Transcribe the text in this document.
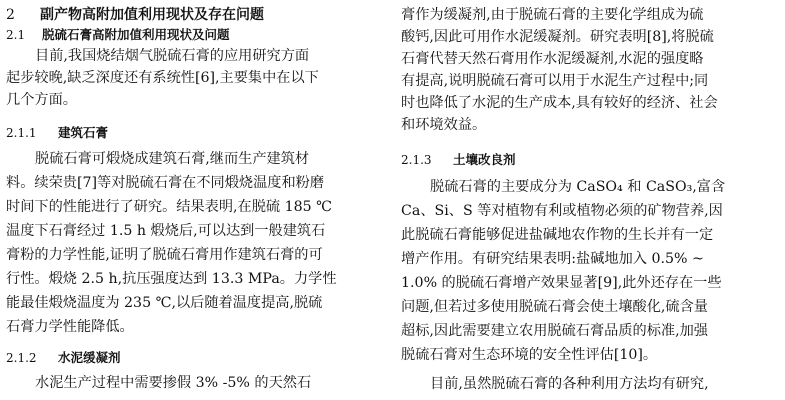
2 副产物高附加值利用现状及存在问题
2.1 脱硫石膏高附加值利用现状及问题
目前,我国烧结烟气脱硫石膏的应用研究方面
起步较晚,缺乏深度还有系统性[6],主要集中在以下
几个方面。
2.1.1 建筑石膏
脱硫石膏可煅烧成建筑石膏,继而生产建筑材
料。续荣贵[7]等对脱硫石膏在不同煅烧温度和粉磨
时间下的性能进行了研究。结果表明,在脱硫 185 ℃
温度下石膏经过 1.5 h 煅烧后,可以达到一般建筑石
膏粉的力学性能,证明了脱硫石膏用作建筑石膏的可
行性。煅烧 2.5 h,抗压强度达到 13.3 MPa。力学性
能最佳煅烧温度为 235 ℃,以后随着温度提高,脱硫
石膏力学性能降低。
2.1.2 水泥缓凝剂
水泥生产过程中需要掺假 3% -5% 的天然石
膏作为缓凝剂,由于脱硫石膏的主要化学组成为硫
酸钙,因此可用作水泥缓凝剂。研究表明[8],将脱硫
石膏代替天然石膏用作水泥缓凝剂,水泥的强度略
有提高,说明脱硫石膏可以用于水泥生产过程中;同
时也降低了水泥的生产成本,具有较好的经济、社会
和环境效益。
2.1.3 土壤改良剂
脱硫石膏的主要成分为 CaSO₄ 和 CaSO₃,富含
Ca、Si、S 等对植物有利或植物必须的矿物营养,因
此脱硫石膏能够促进盐碱地农作物的生长并有一定
增产作用。有研究结果表明:盐碱地加入 0.5% ~
1.0% 的脱硫石膏增产效果显著[9],此外还存在一些
问题,但若过多使用脱硫石膏会使土壤酸化,硫含量
超标,因此需要建立农用脱硫石膏品质的标准,加强
脱硫石膏对生态环境的安全性评估[10]。
目前,虽然脱硫石膏的各种利用方法均有研究,
